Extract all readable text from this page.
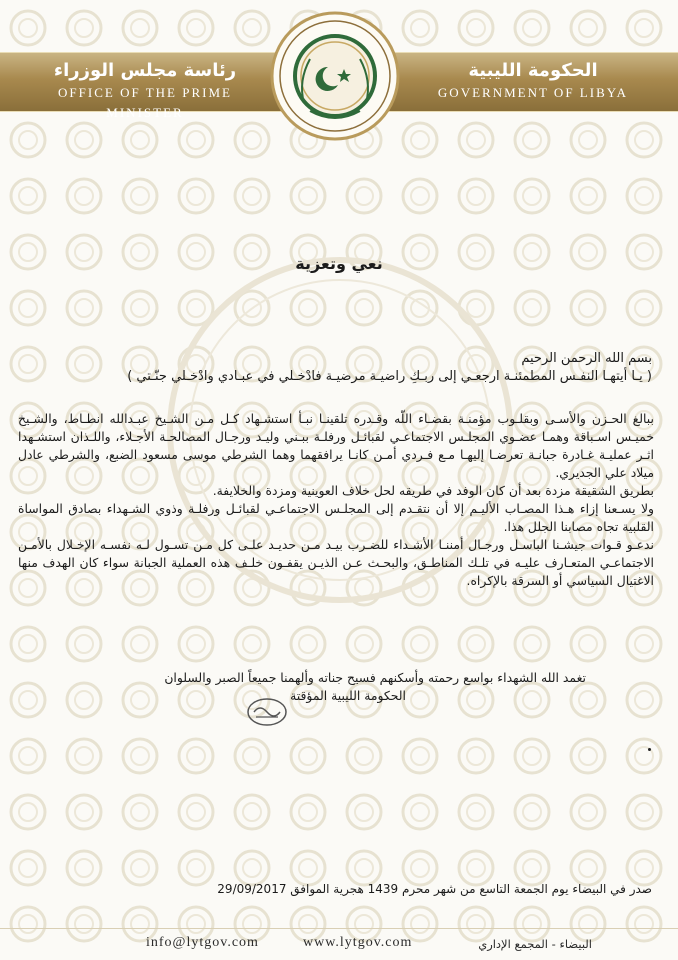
رئاسة مجلس الوزراء
OFFICE OF THE PRIME MINISTER
الحكومة الليبية
GOVERNMENT OF LIBYA
نعي وتعزية
بسم الله الرحمن الرحيم
( يـا أيتهـا النفـس المطمئنـة ارجعـي إلى ربـكِ راضيـة مرضيـة فادْخـلي في عبـادي وادْخـلي جنّـتي )

ببالغ الحـزن والأسـى وبقلـوب مؤمنـة بقضـاء اللّه وقـدره تلقينـا نبـأ استشـهاد كـل مـن الشـيخ عبـدالله انطـاط، والشـيخ خميـس اسـباقة وهمـا عضـوي المجلـس الاجتماعـي لقبائـل ورفلـة ببـني وليـد ورجـال المصالحـة الأجـلاء، واللـذان استشـهدا اثـر عمليـة غـادرة جبانـة تعرضـا إليهـا مـع فـردي أمـن كانـا يرافقهما وهما الشرطي موسى مسعود الضبع، والشرطي عادل ميلاد علي الجديري.

بطريق الشقيقة مزدة بعد أن كان الوفد في طريقه لحل خلاف العوينية ومزدة والخلايفة.

ولا يسـعنا إزاء هـذا المصـاب الأليـم إلا أن نتقـدم إلى المجلـس الاجتماعـي لقبائـل ورفلـة وذوي الشـهداء بصادق المواساة القلبية تجاه مصابنا الجلل هذا.

ندعـو قـوات جيشـنا الباسـل ورجـال أمننـا الأشـداء للضـرب بيـد مـن حديـد علـى كل مـن تسـول لـه نفسـه الإخـلال بالأمـن الاجتماعـي المتعـارف عليـه في تلـك المناطـق، والبحـث عـن الذيـن يقفـون خلـف هذه العملية الجبانة سواء كان الهدف منها الاغتيال السياسي أو السرقة بالإكراه.

تغمد الله الشهداء بواسع رحمته وأسكنهم فسيح جناته وألهمنا جميعاً الصبر والسلوان
الحكومة الليبية المؤقتة
صدر في البيضاء يوم الجمعة التاسع من شهر محرم 1439 هجرية الموافق 29/09/2017
info@lytgov.com	www.lytgov.com	البيضاء - المجمع الإداري
